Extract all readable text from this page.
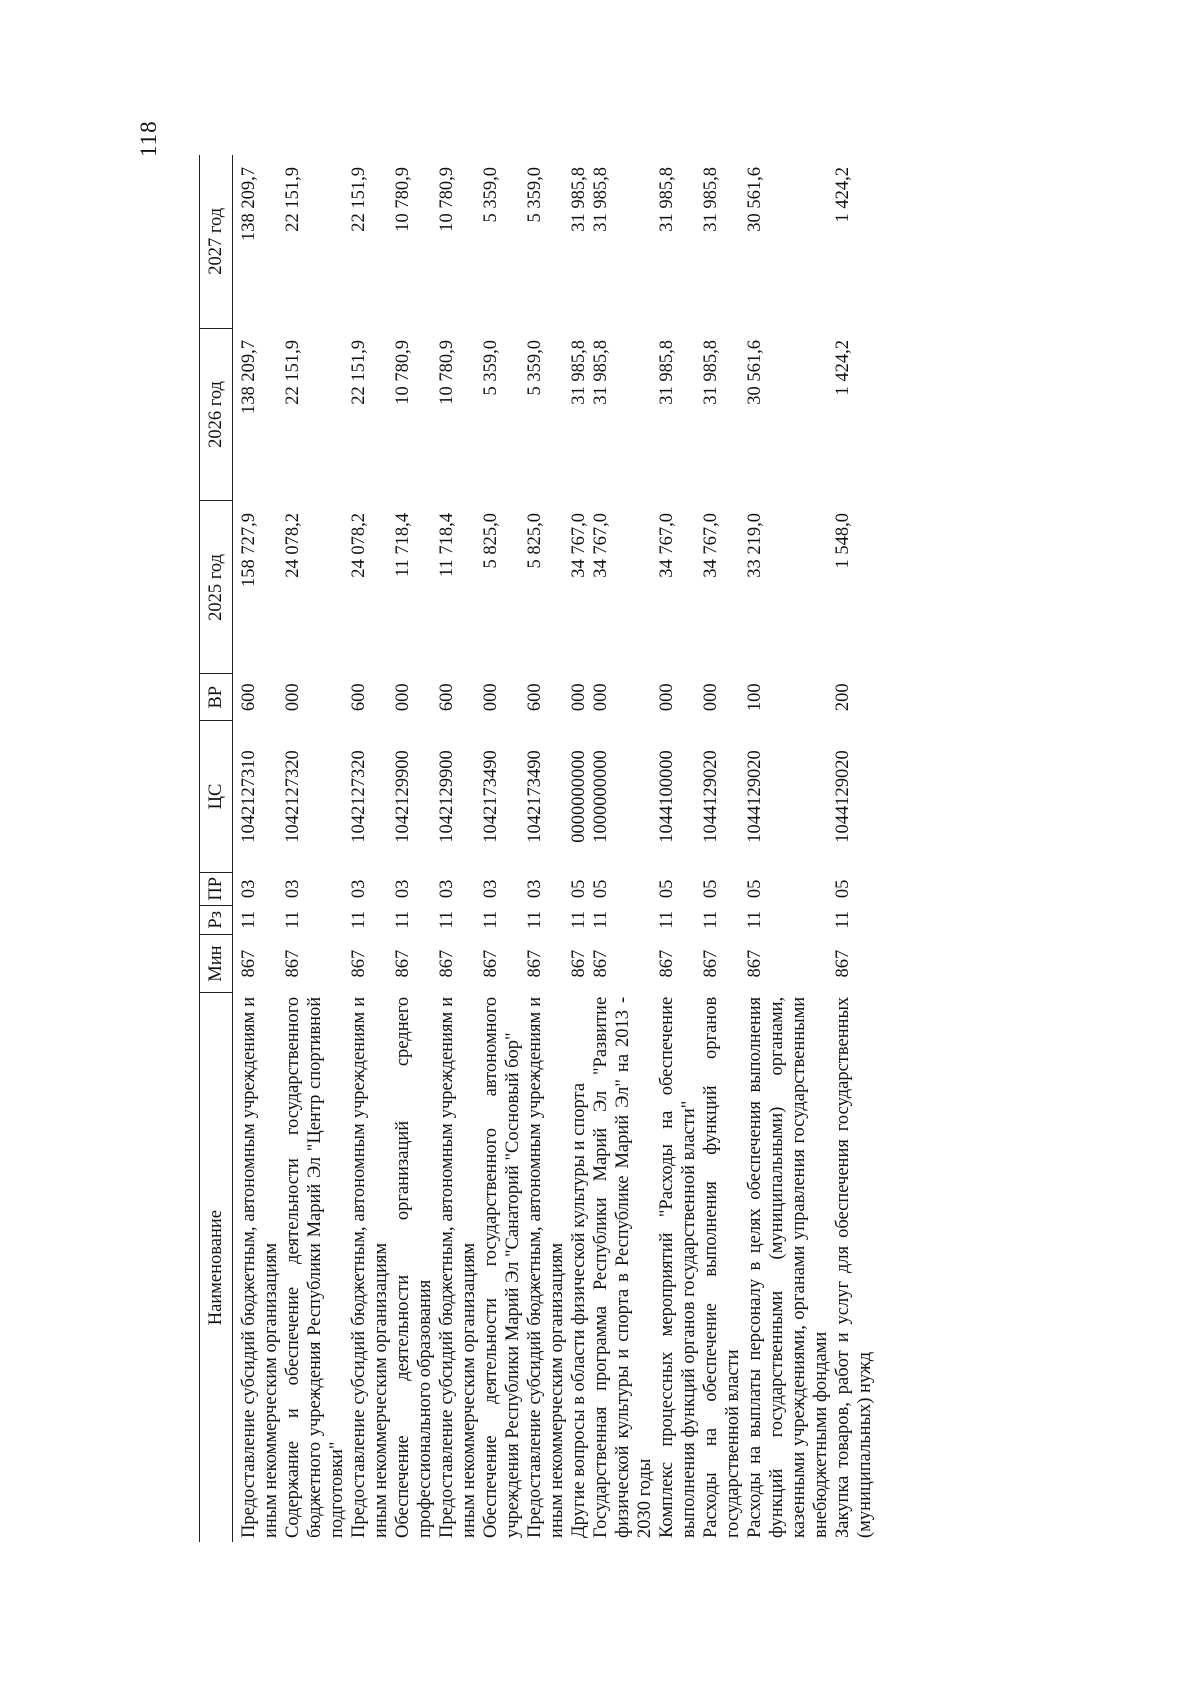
118
Наименование	Мин	Рз	ПР	ЦС	ВР	2025 год	2026 год	2027 год
Предоставление субсидий бюджетным, автономным учреждениям и иным некоммерческим организациям	867	11	03	1042127310	600	158 727,9	138 209,7	138 209,7
Содержание и обеспечение деятельности государственного бюджетного учреждения Республики Марий Эл "Центр спортивной подготовки"	867	11	03	1042127320	000	24 078,2	22 151,9	22 151,9
Предоставление субсидий бюджетным, автономным учреждениям и иным некоммерческим организациям	867	11	03	1042127320	600	24 078,2	22 151,9	22 151,9
Обеспечение деятельности организаций среднего профессионального образования	867	11	03	1042129900	000	11 718,4	10 780,9	10 780,9
Предоставление субсидий бюджетным, автономным учреждениям и иным некоммерческим организациям	867	11	03	1042129900	600	11 718,4	10 780,9	10 780,9
Обеспечение деятельности государственного автономного учреждения Республики Марий Эл "Санаторий "Сосновый бор"	867	11	03	1042173490	000	5 825,0	5 359,0	5 359,0
Предоставление субсидий бюджетным, автономным учреждениям и иным некоммерческим организациям	867	11	03	1042173490	600	5 825,0	5 359,0	5 359,0
Другие вопросы в области физической культуры и спорта	867	11	05	0000000000	000	34 767,0	31 985,8	31 985,8
Государственная программа Республики Марий Эл "Развитие физической культуры и спорта в Республике Марий Эл" на 2013 - 2030 годы	867	11	05	1000000000	000	34 767,0	31 985,8	31 985,8
Комплекс процессных мероприятий "Расходы на обеспечение выполнения функций органов государственной власти"	867	11	05	1044100000	000	34 767,0	31 985,8	31 985,8
Расходы на обеспечение выполнения функций органов государственной власти	867	11	05	1044129020	000	34 767,0	31 985,8	31 985,8
Расходы на выплаты персоналу в целях обеспечения выполнения функций государственными (муниципальными) органами, казенными учреждениями, органами управления государственными внебюджетными фондами	867	11	05	1044129020	100	33 219,0	30 561,6	30 561,6
Закупка товаров, работ и услуг для обеспечения государственных (муниципальных) нужд	867	11	05	1044129020	200	1 548,0	1 424,2	1 424,2
